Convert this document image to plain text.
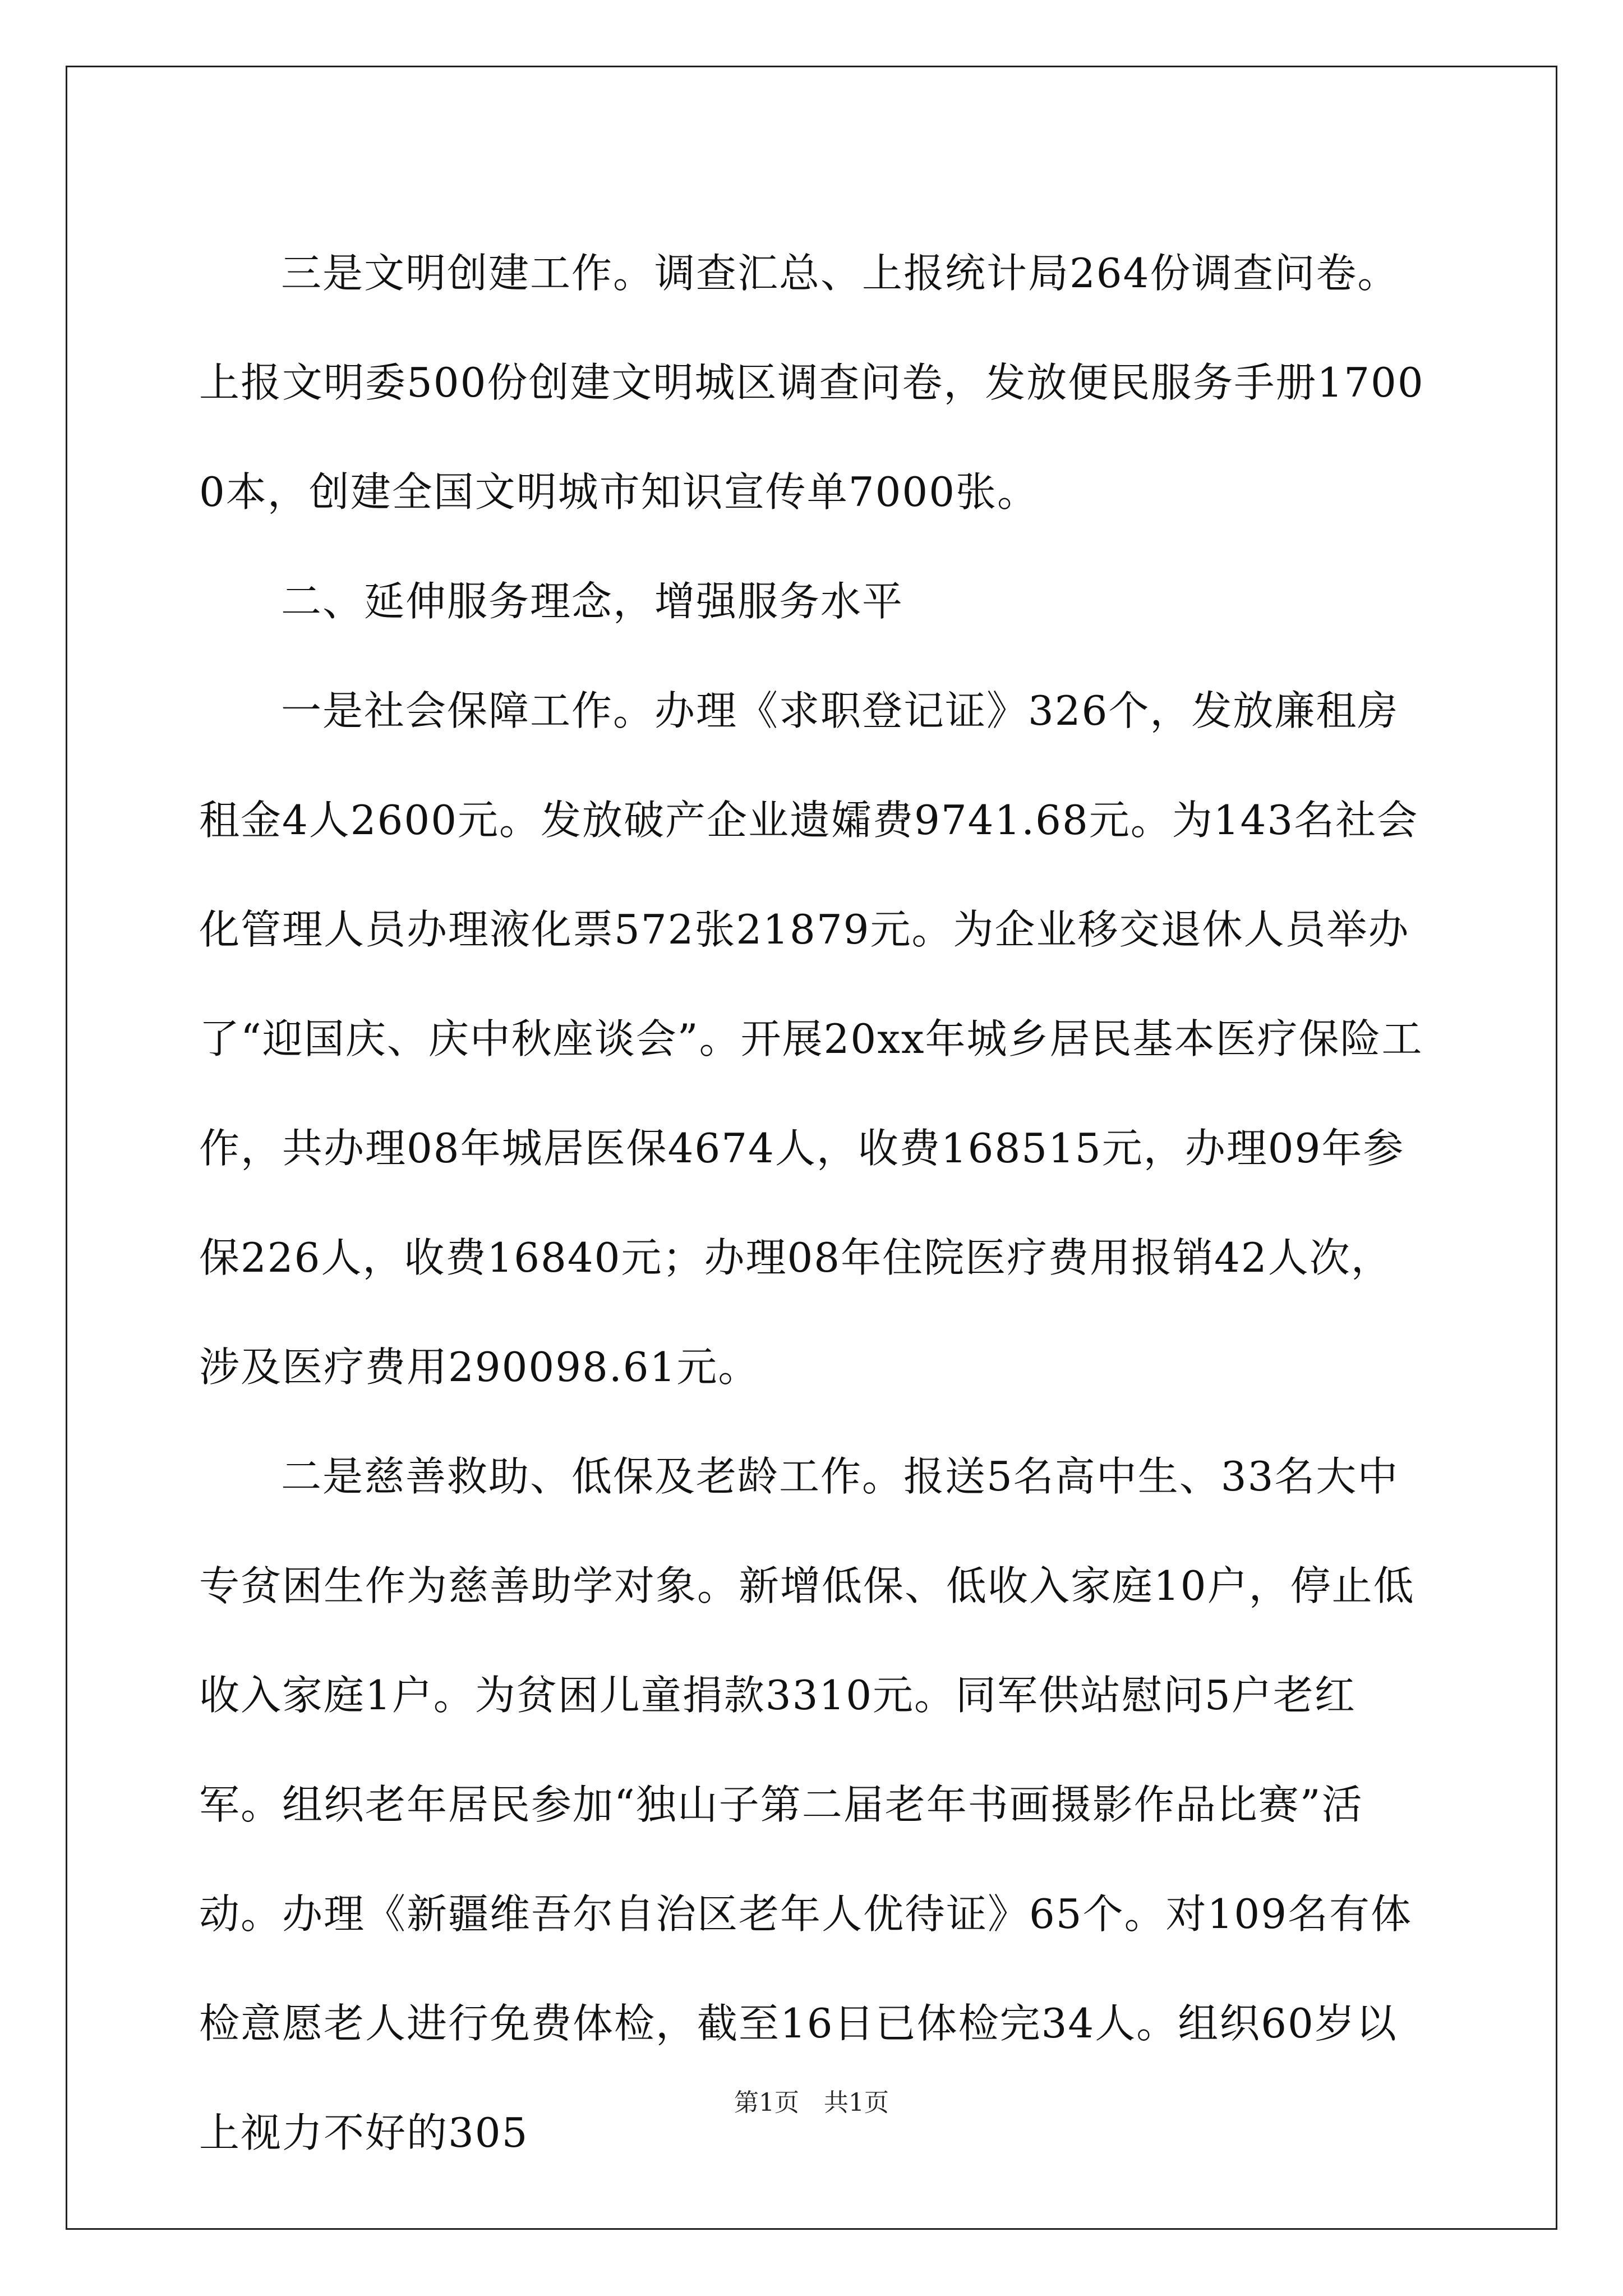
三是文明创建工作。调查汇总、上报统计局264份调查问卷。上报文明委500份创建文明城区调查问卷，发放便民服务手册17000本，创建全国文明城市知识宣传单7000张。

二、延伸服务理念，增强服务水平

一是社会保障工作。办理《求职登记证》326个，发放廉租房租金4人2600元。发放破产企业遗孀费9741.68元。为143名社会化管理人员办理液化票572张21879元。为企业移交退休人员举办了“迎国庆、庆中秋座谈会”。开展20xx年城乡居民基本医疗保险工作，共办理08年城居医保4674人，收费168515元，办理09年参保226人，收费16840元；办理08年住院医疗费用报销42人次，涉及医疗费用290098.61元。

二是慈善救助、低保及老龄工作。报送5名高中生、33名大中专贫困生作为慈善助学对象。新增低保、低收入家庭10户，停止低收入家庭1户。为贫困儿童捐款3310元。同军供站慰问5户老红军。组织老年居民参加“独山子第二届老年书画摄影作品比赛”活动。办理《新疆维吾尔自治区老年人优待证》65个。对109名有体检意愿老人进行免费体检，截至16日已体检完34人。组织60岁以上视力不好的305

第1页　共1页
